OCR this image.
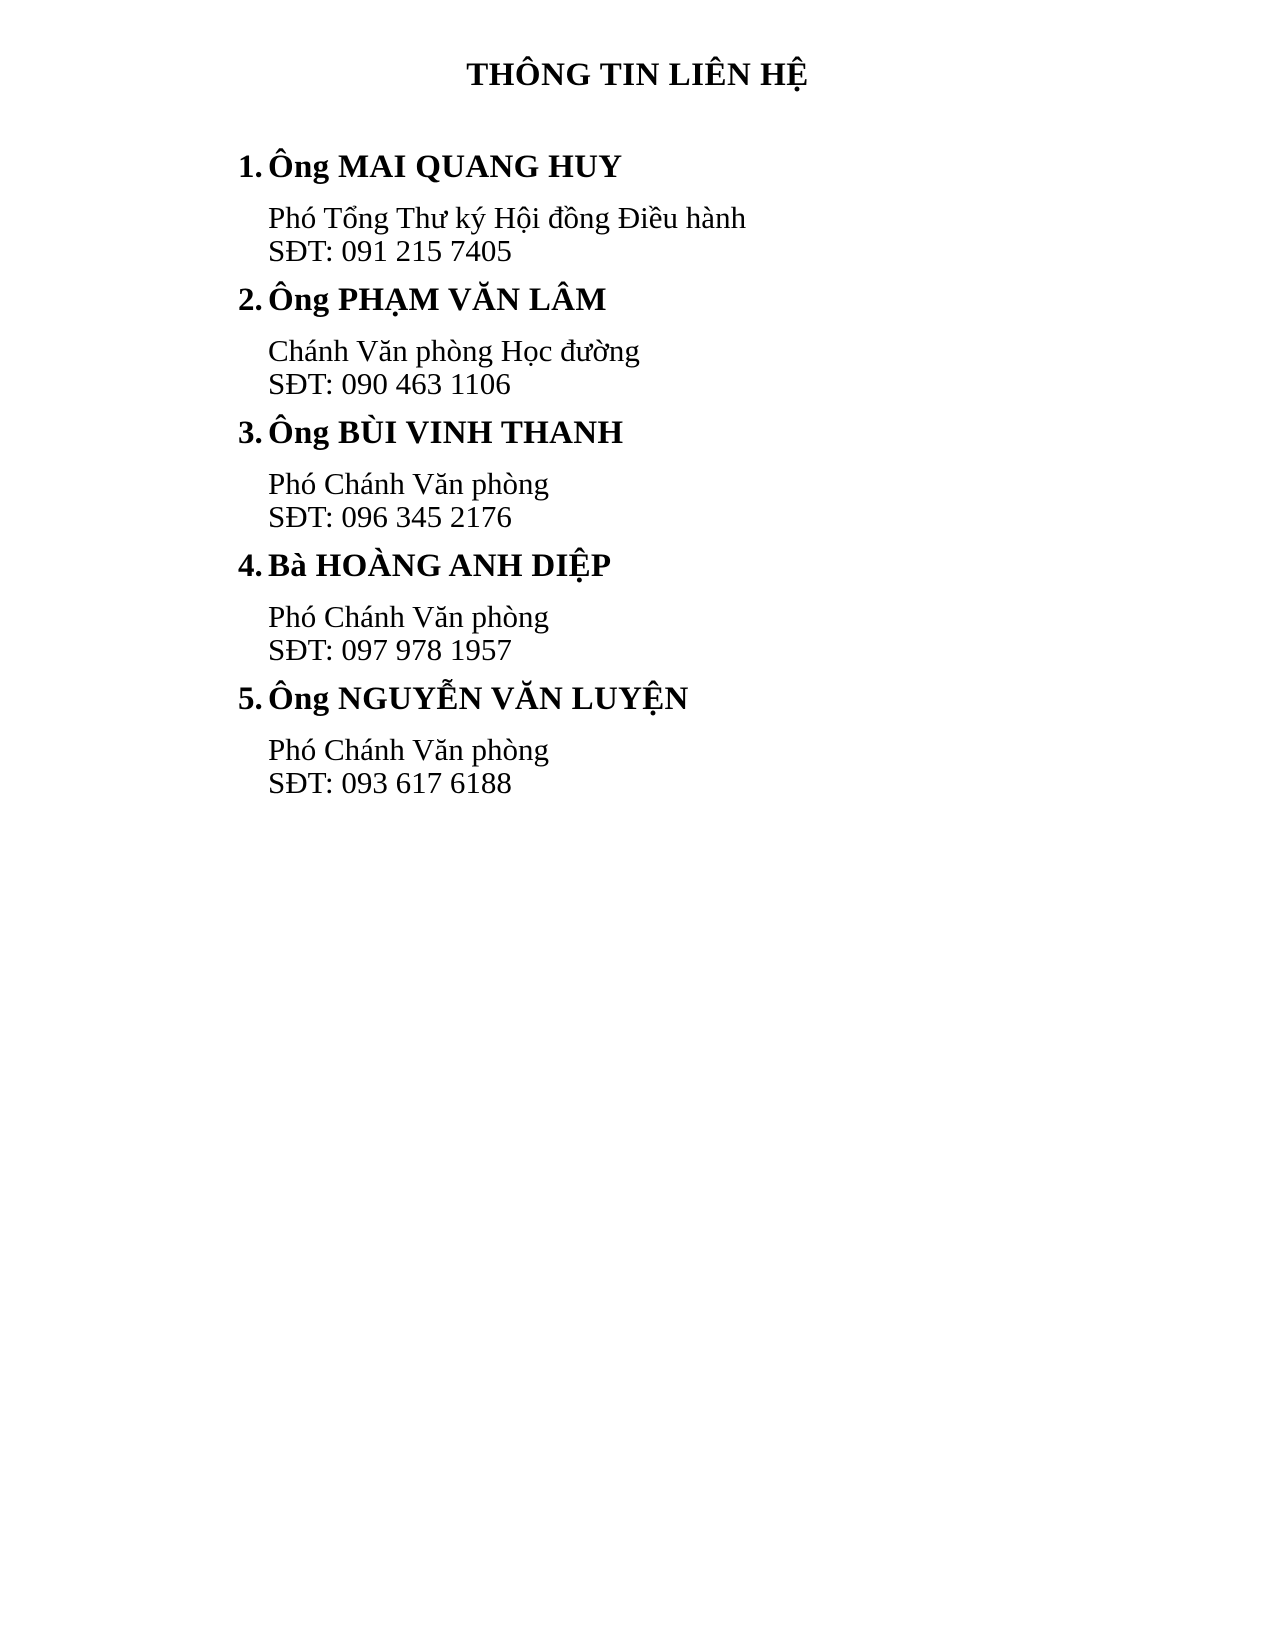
THÔNG TIN LIÊN HỆ
1. Ông MAI QUANG HUY
Phó Tổng Thư ký Hội đồng Điều hành
SĐT: 091 215 7405
2. Ông PHẠM VĂN LÂM
Chánh Văn phòng Học đường
SĐT: 090 463 1106
3. Ông BÙI VINH THANH
Phó Chánh Văn phòng
SĐT: 096 345 2176
4. Bà HOÀNG ANH DIỆP
Phó Chánh Văn phòng
SĐT: 097 978 1957
5. Ông NGUYỄN VĂN LUYỆN
Phó Chánh Văn phòng
SĐT: 093 617 6188
